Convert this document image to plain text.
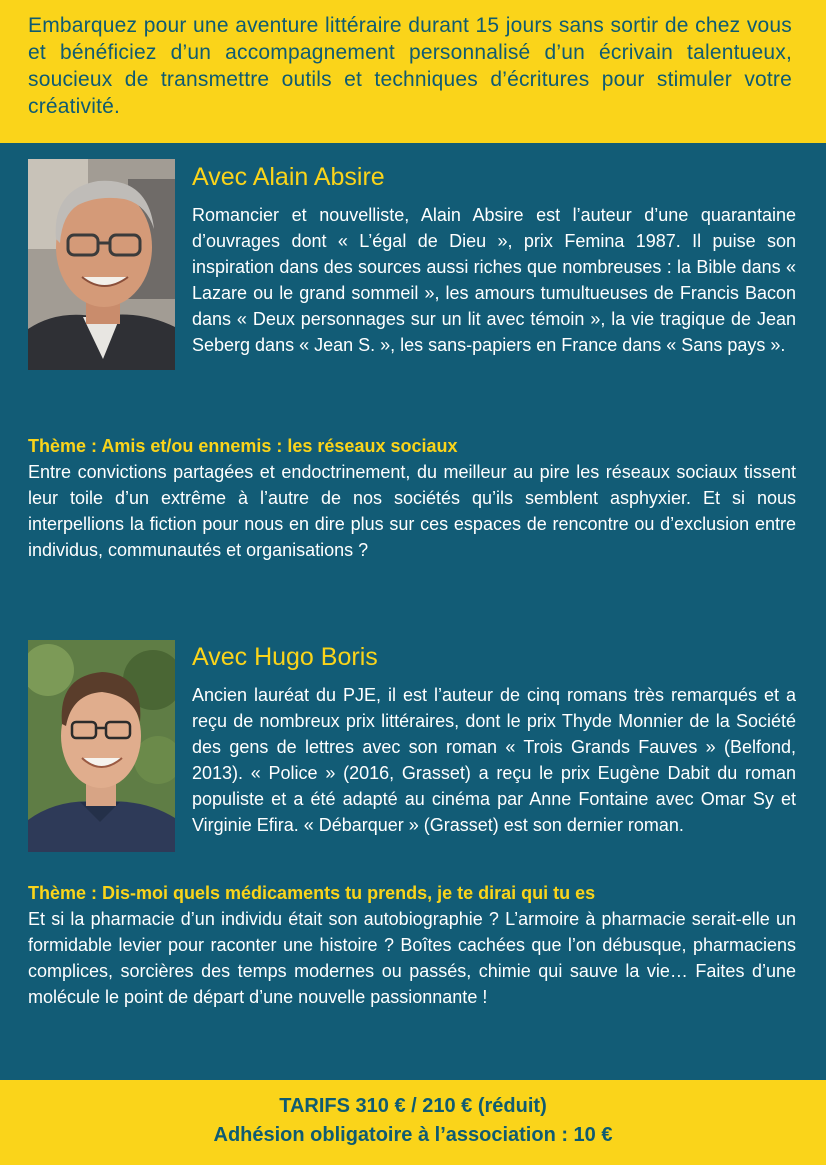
Embarquez pour une aventure littéraire durant 15 jours sans sortir de chez vous et bénéficiez d’un accompagnement personnalisé d’un écrivain talentueux, soucieux de transmettre outils et techniques d’écritures pour stimuler votre créativité.

Avec Alain Absire

Romancier et nouvelliste, Alain Absire est l’auteur d’une quarantaine d’ouvrages dont « L’égal de Dieu », prix Femina 1987. Il puise son inspiration dans des sources aussi riches que nombreuses : la Bible dans « Lazare ou le grand sommeil », les amours tumultueuses de Francis Bacon dans « Deux personnages sur un lit avec témoin », la vie tragique de Jean Seberg dans « Jean S. », les sans-papiers en France dans « Sans pays ».

Thème : Amis et/ou ennemis : les réseaux sociaux

Entre convictions partagées et endoctrinement, du meilleur au pire les réseaux sociaux tissent leur toile d’un extrême à l’autre de nos sociétés qu’ils semblent asphyxier. Et si nous interpellions la fiction pour nous en dire plus sur ces espaces de rencontre ou d’exclusion entre individus, communautés et organisations ?

Avec Hugo Boris

Ancien lauréat du PJE, il est l’auteur de cinq romans très remarqués et a reçu de nombreux prix littéraires, dont le prix Thyde Monnier de la Société des gens de lettres avec son roman « Trois Grands Fauves » (Belfond, 2013). « Police » (2016, Grasset) a reçu le prix Eugène Dabit du roman populiste et a été adapté au cinéma par Anne Fontaine avec Omar Sy et Virginie Efira. « Débarquer » (Grasset) est son dernier roman.

Thème : Dis-moi quels médicaments tu prends, je te dirai qui tu es

Et si la pharmacie d’un individu était son autobiographie ? L’armoire à pharmacie serait-elle un formidable levier pour raconter une histoire ? Boîtes cachées que l’on débusque, pharmaciens complices, sorcières des temps modernes ou passés, chimie qui sauve la vie… Faites d’une molécule le point de départ d’une nouvelle passionnante !

TARIFS 310 € / 210 € (réduit)
Adhésion obligatoire à l’association : 10 €
